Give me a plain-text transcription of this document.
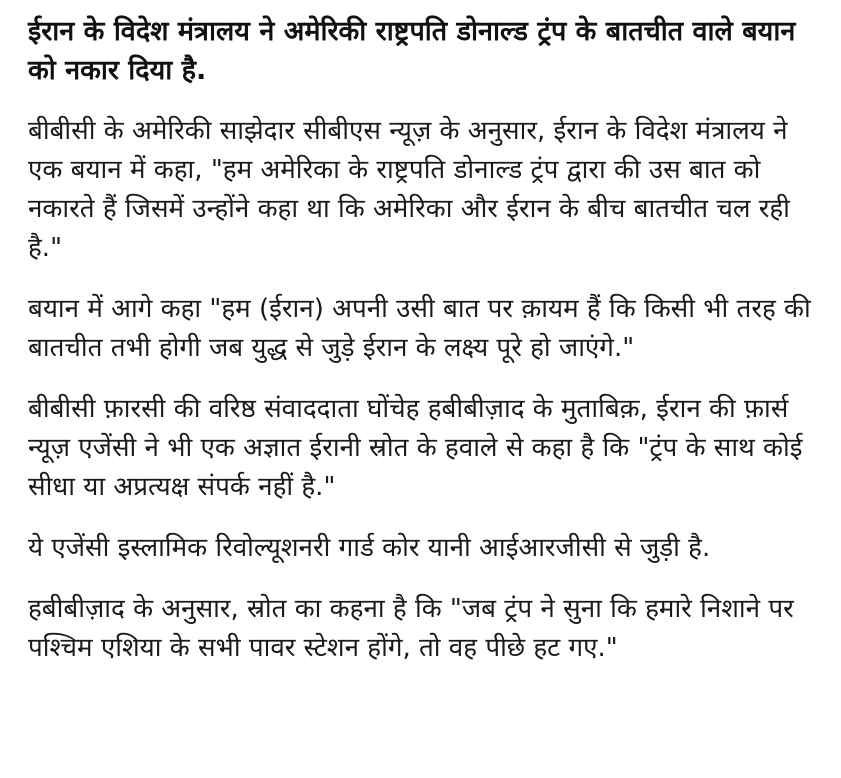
ईरान के विदेश मंत्रालय ने अमेरिकी राष्ट्रपति डोनाल्ड ट्रंप के बातचीत वाले बयान को नकार दिया है.

बीबीसी के अमेरिकी साझेदार सीबीएस न्यूज़ के अनुसार, ईरान के विदेश मंत्रालय ने एक बयान में कहा, "हम अमेरिका के राष्ट्रपति डोनाल्ड ट्रंप द्वारा की उस बात को नकारते हैं जिसमें उन्होंने कहा था कि अमेरिका और ईरान के बीच बातचीत चल रही है."

बयान में आगे कहा "हम (ईरान) अपनी उसी बात पर क़ायम हैं कि किसी भी तरह की बातचीत तभी होगी जब युद्ध से जुड़े ईरान के लक्ष्य पूरे हो जाएंगे."

बीबीसी फ़ारसी की वरिष्ठ संवाददाता घोंचेह हबीबीज़ाद के मुताबिक़, ईरान की फ़ार्स न्यूज़ एजेंसी ने भी एक अज्ञात ईरानी स्रोत के हवाले से कहा है कि "ट्रंप के साथ कोई सीधा या अप्रत्यक्ष संपर्क नहीं है."

ये एजेंसी इस्लामिक रिवोल्यूशनरी गार्ड कोर यानी आईआरजीसी से जुड़ी है.

हबीबीज़ाद के अनुसार, स्रोत का कहना है कि "जब ट्रंप ने सुना कि हमारे निशाने पर पश्चिम एशिया के सभी पावर स्टेशन होंगे, तो वह पीछे हट गए."
